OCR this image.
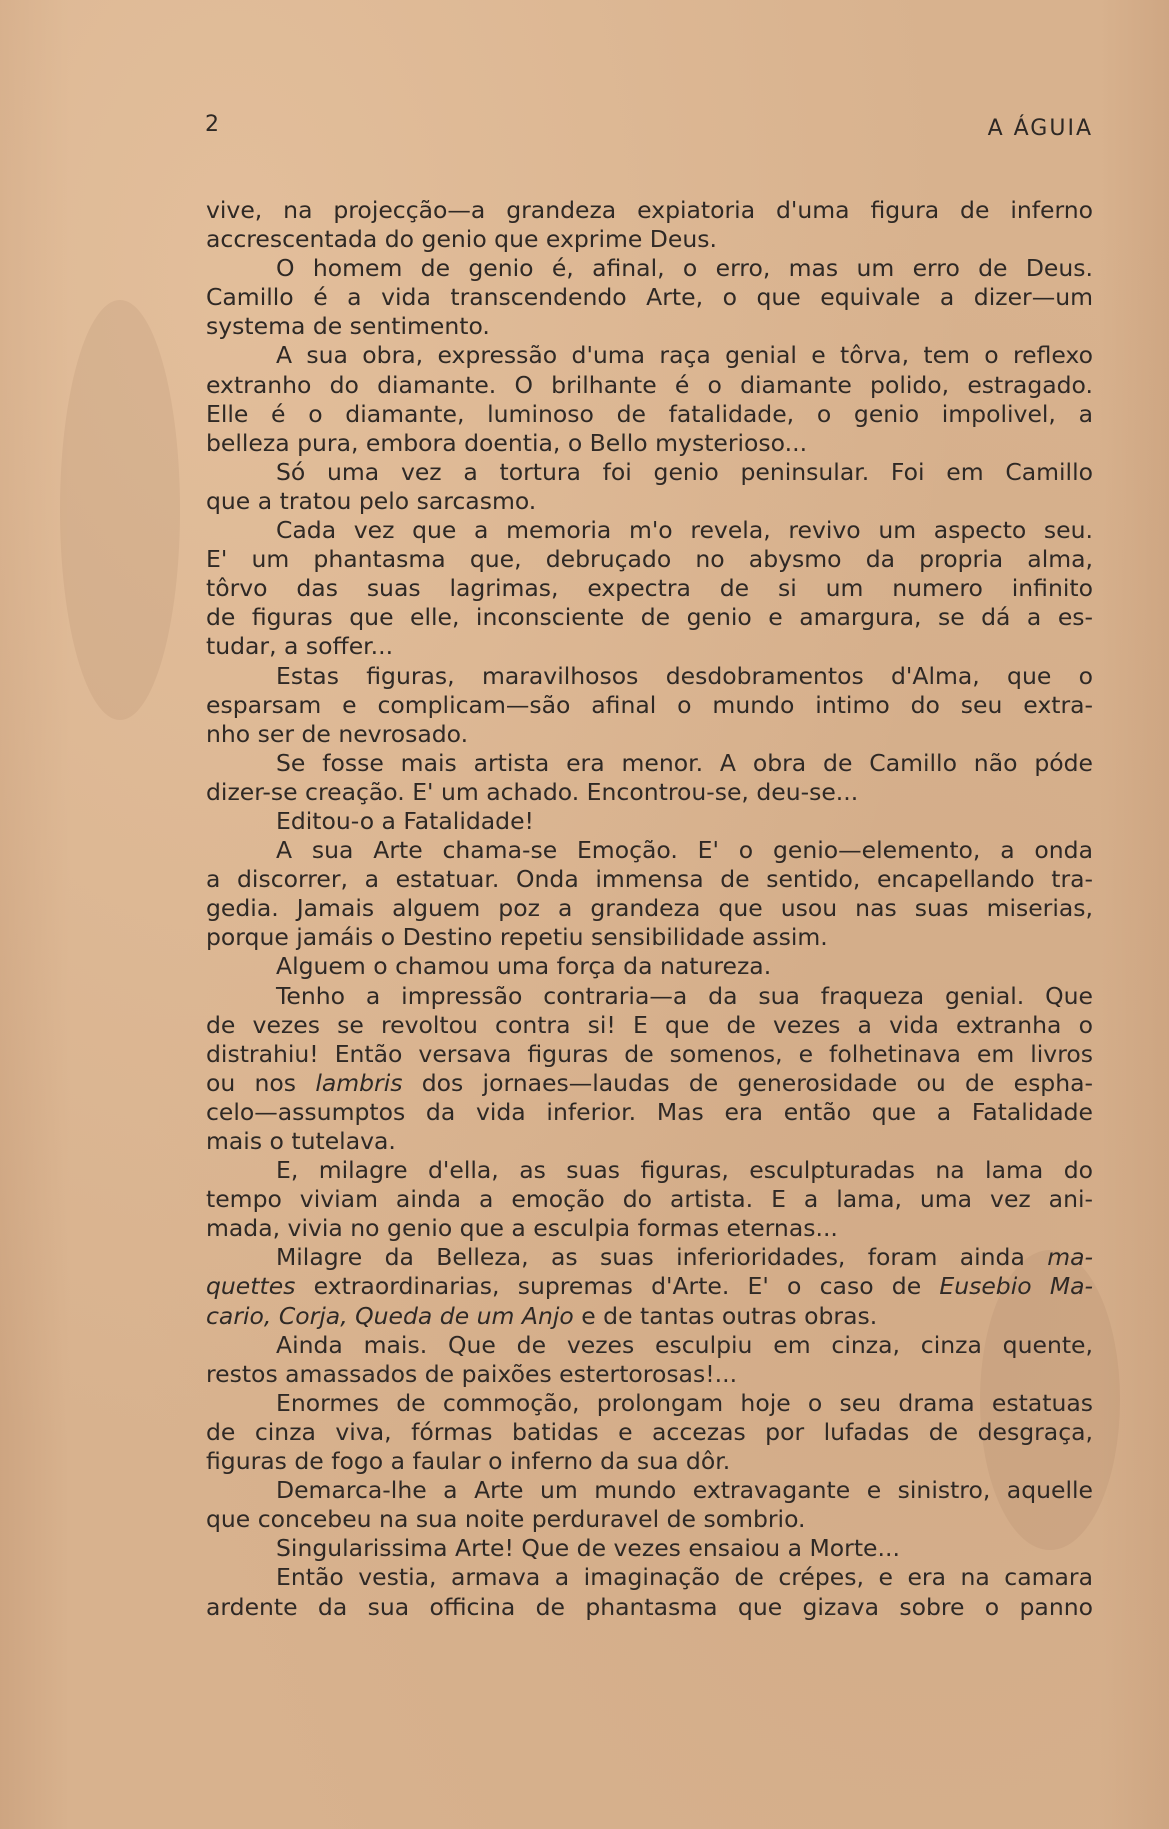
2	A ÁGUIA
vive, na projecção—a grandeza expiatoria d'uma figura de inferno
accrescentada do genio que exprime Deus.
O homem de genio é, afinal, o erro, mas um erro de Deus.
Camillo é a vida transcendendo Arte, o que equivale a dizer—um
systema de sentimento.
A sua obra, expressão d'uma raça genial e tôrva, tem o reflexo
extranho do diamante. O brilhante é o diamante polido, estragado.
Elle é o diamante, luminoso de fatalidade, o genio impolivel, a
belleza pura, embora doentia, o Bello mysterioso...
Só uma vez a tortura foi genio peninsular. Foi em Camillo
que a tratou pelo sarcasmo.
Cada vez que a memoria m'o revela, revivo um aspecto seu.
E' um phantasma que, debruçado no abysmo da propria alma,
tôrvo das suas lagrimas, expectra de si um numero infinito
de figuras que elle, inconsciente de genio e amargura, se dá a es-
tudar, a soffer...
Estas figuras, maravilhosos desdobramentos d'Alma, que o
esparsam e complicam—são afinal o mundo intimo do seu extra-
nho ser de nevrosado.
Se fosse mais artista era menor. A obra de Camillo não póde
dizer-se creação. E' um achado. Encontrou-se, deu-se...
Editou-o a Fatalidade!
A sua Arte chama-se Emoção. E' o genio—elemento, a onda
a discorrer, a estatuar. Onda immensa de sentido, encapellando tra-
gedia. Jamais alguem poz a grandeza que usou nas suas miserias,
porque jamáis o Destino repetiu sensibilidade assim.
Alguem o chamou uma força da natureza.
Tenho a impressão contraria—a da sua fraqueza genial. Que
de vezes se revoltou contra si! E que de vezes a vida extranha o
distrahiu! Então versava figuras de somenos, e folhetinava em livros
ou nos lambris dos jornaes—laudas de generosidade ou de espha-
celo—assumptos da vida inferior. Mas era então que a Fatalidade
mais o tutelava.
E, milagre d'ella, as suas figuras, esculpturadas na lama do
tempo viviam ainda a emoção do artista. E a lama, uma vez ani-
mada, vivia no genio que a esculpia formas eternas...
Milagre da Belleza, as suas inferioridades, foram ainda ma-
quettes extraordinarias, supremas d'Arte. E' o caso de Eusebio Ma-
cario, Corja, Queda de um Anjo e de tantas outras obras.
Ainda mais. Que de vezes esculpiu em cinza, cinza quente,
restos amassados de paixões estertorosas!...
Enormes de commoção, prolongam hoje o seu drama estatuas
de cinza viva, fórmas batidas e accezas por lufadas de desgraça,
figuras de fogo a faular o inferno da sua dôr.
Demarca-lhe a Arte um mundo extravagante e sinistro, aquelle
que concebeu na sua noite perduravel de sombrio.
Singularissima Arte! Que de vezes ensaiou a Morte...
Então vestia, armava a imaginação de crépes, e era na camara
ardente da sua officina de phantasma que gizava sobre o panno
